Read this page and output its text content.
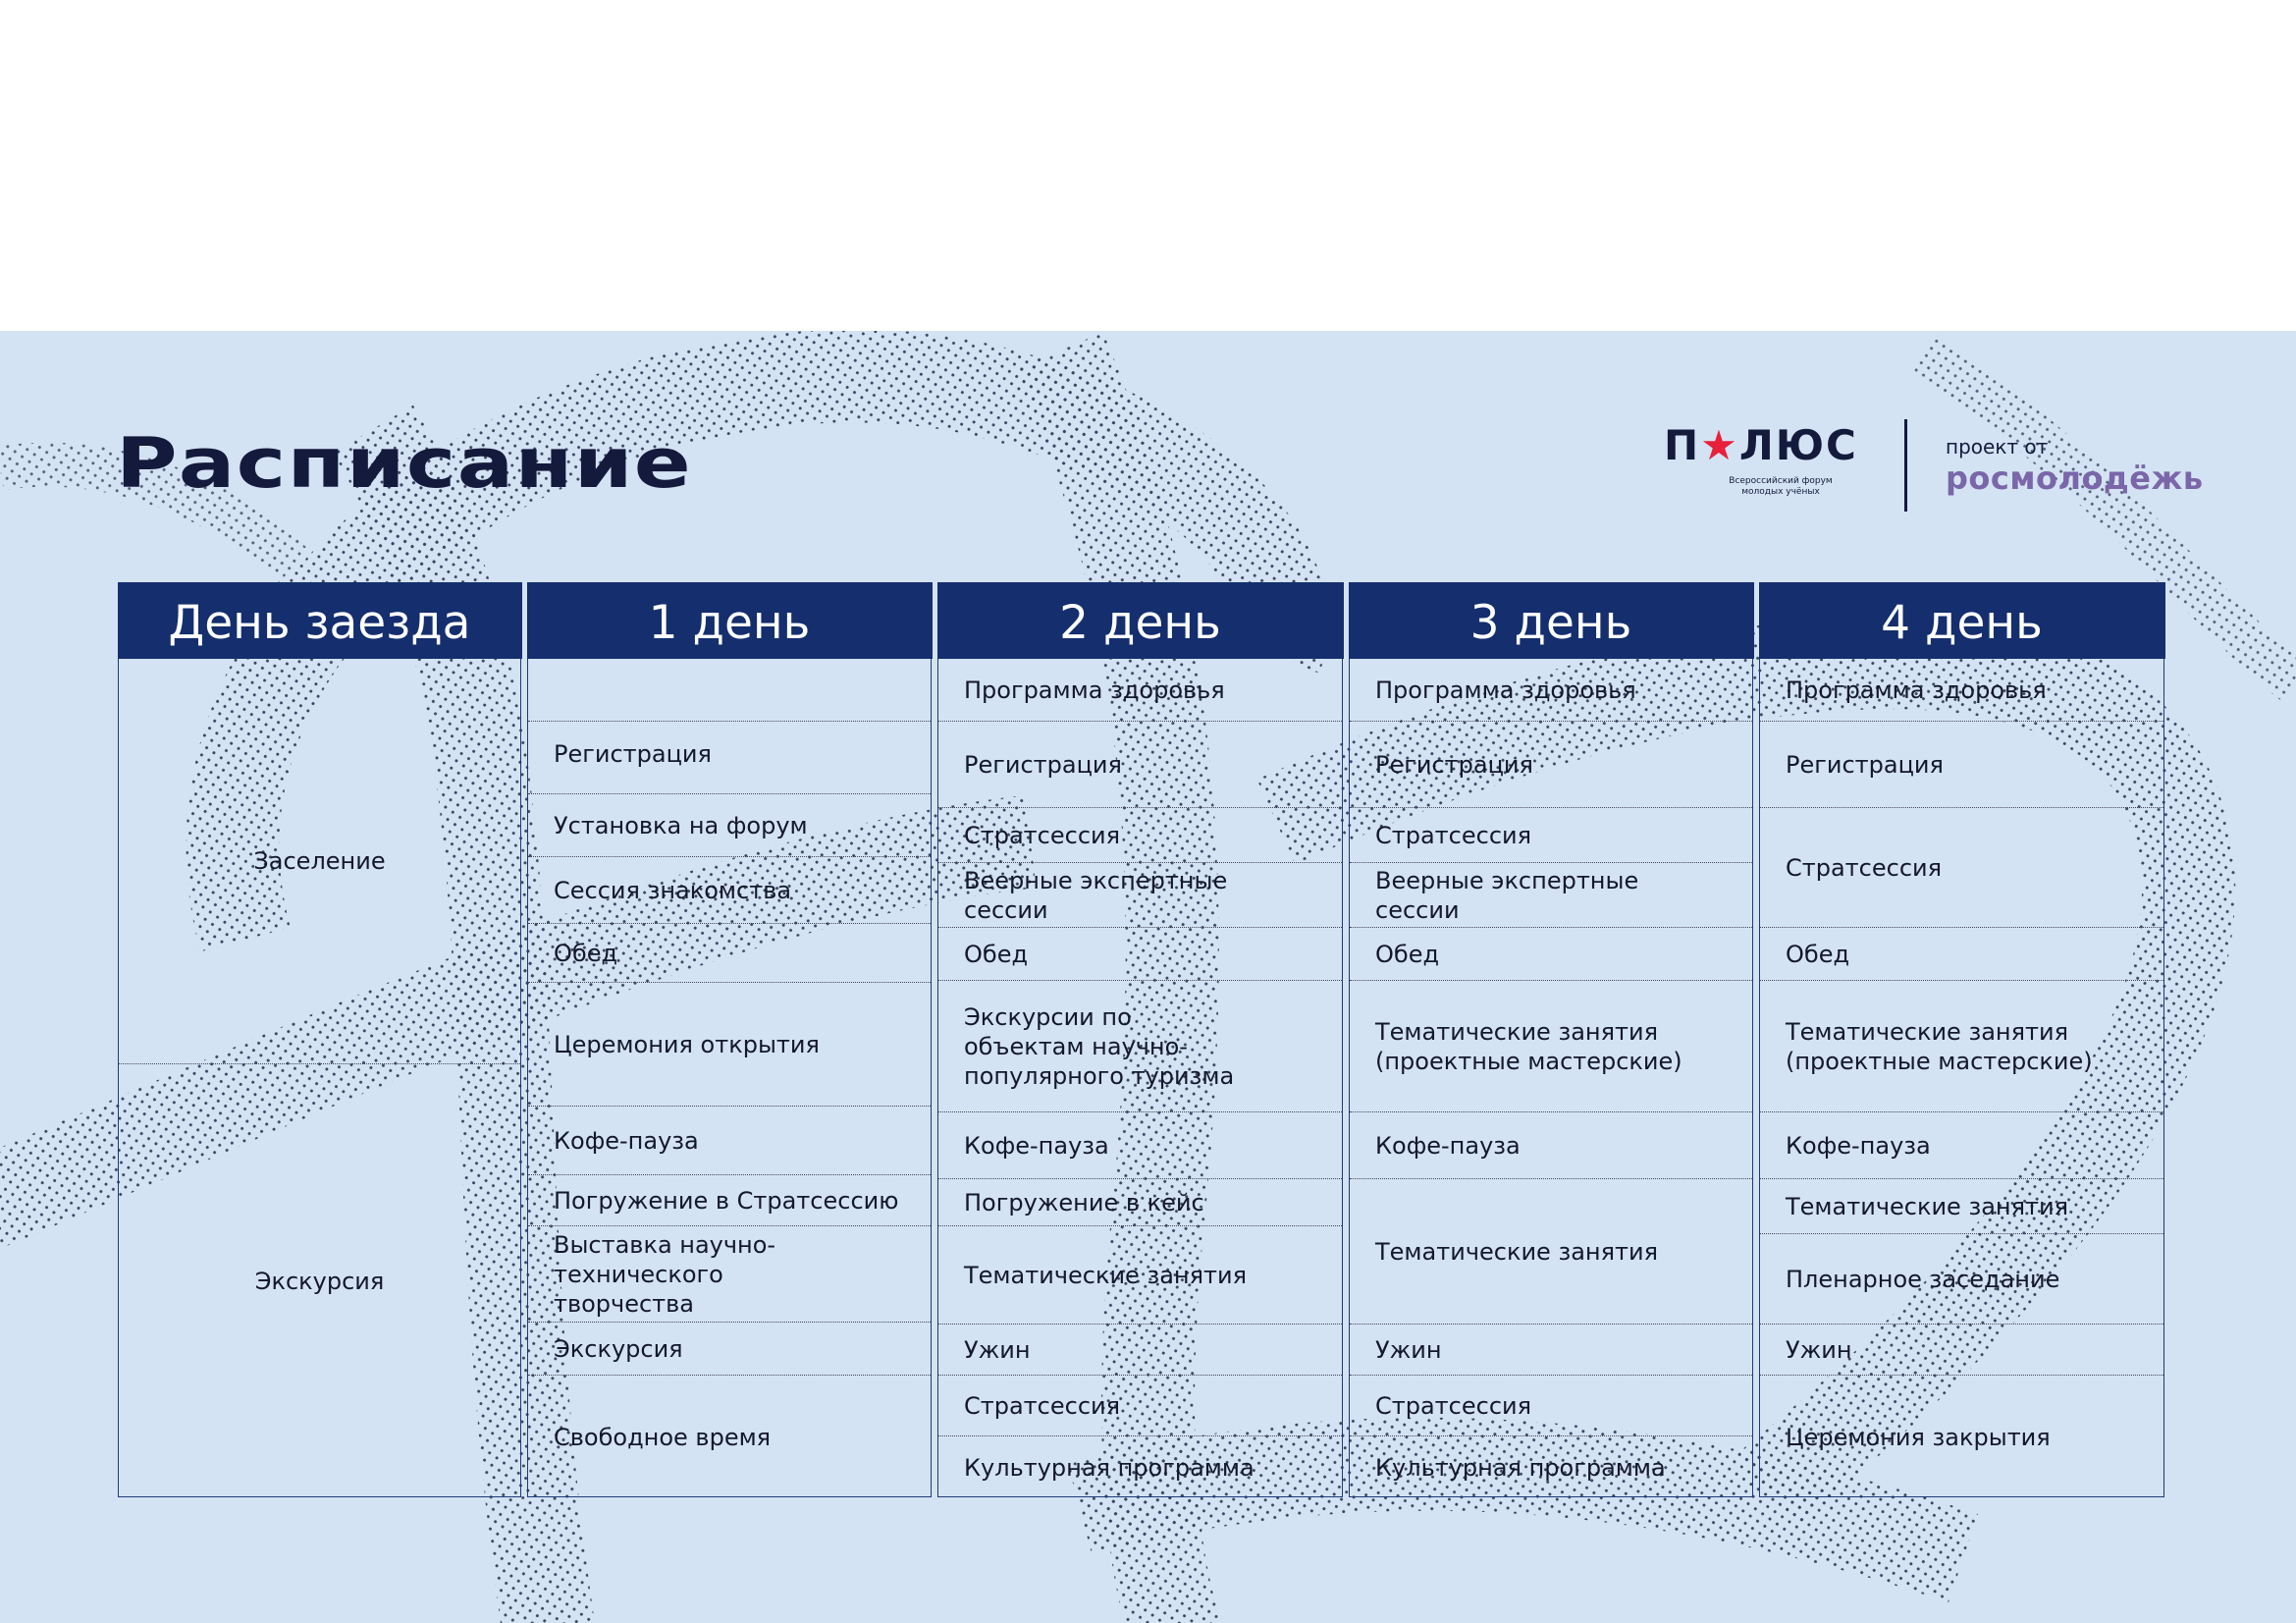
Расписание	П★ЛЮС
Всероссийский форум молодых учёных
проект от
росмолодёжь
День заезда
Заселение
Экскурсия
1 день
Регистрация
Установка на форум
Сессия знакомства
Обед
Церемония открытия
Кофе-пауза
Погружение в Стратсессию
Выставка научно-технического творчества
Экскурсия
Свободное время
2 день
Программа здоровья
Регистрация
Стратсессия
Веерные экспертные сессии
Обед
Экскурсии по объектам научно-популярного туризма
Кофе-пауза
Погружение в кейс
Тематические занятия
Ужин
Стратсессия
Культурная программа
3 день
Программа здоровья
Регистрация
Стратсессия
Веерные экспертные сессии
Обед
Тематические занятия (проектные мастерские)
Кофе-пауза
Тематические занятия
Ужин
Стратсессия
Культурная программа
4 день
Программа здоровья
Регистрация
Стратсессия
Обед
Тематические занятия (проектные мастерские)
Кофе-пауза
Тематические занятия
Пленарное заседание
Ужин
Церемония закрытия
